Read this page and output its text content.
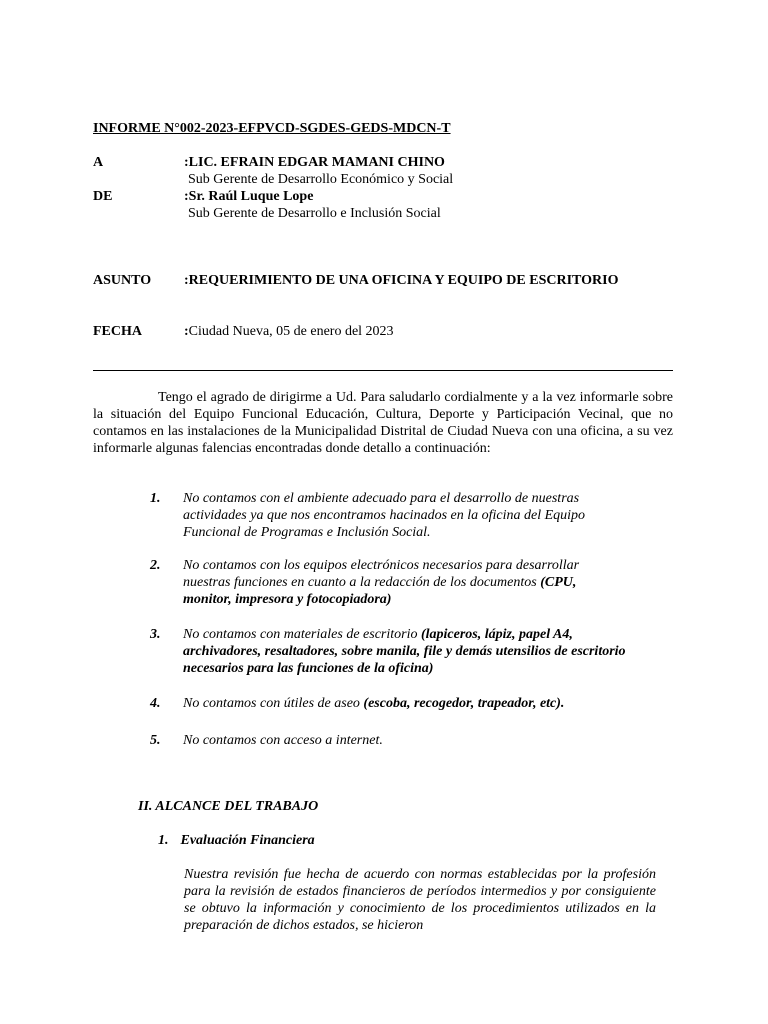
INFORME N°002-2023-EFPVCD-SGDES-GEDS-MDCN-T
A	:LIC. EFRAIN EDGAR MAMANI CHINO
Sub Gerente de Desarrollo Económico y Social
DE	:Sr. Raúl Luque Lope
Sub Gerente de Desarrollo e Inclusión Social
ASUNTO :REQUERIMIENTO DE UNA OFICINA Y EQUIPO DE ESCRITORIO
FECHA	:Ciudad Nueva, 05 de enero del 2023
Tengo el agrado de dirigirme a Ud. Para saludarlo cordialmente y a la vez informarle sobre la situación del Equipo Funcional Educación, Cultura, Deporte y Participación Vecinal, que no contamos en las instalaciones de la Municipalidad Distrital de Ciudad Nueva con una oficina, a su vez informarle algunas falencias encontradas donde detallo a continuación:
1. No contamos con el ambiente adecuado para el desarrollo de nuestras actividades ya que nos encontramos hacinados en la oficina del Equipo Funcional de Programas e Inclusión Social.
2. No contamos con los equipos electrónicos necesarios para desarrollar nuestras funciones en cuanto a la redacción de los documentos (CPU, monitor, impresora y fotocopiadora)
3. No contamos con materiales de escritorio (lapiceros, lápiz, papel A4, archivadores, resaltadores, sobre manila, file y demás utensilios de escritorio necesarios para las funciones de la oficina)
4. No contamos con útiles de aseo (escoba, recogedor, trapeador, etc).
5. No contamos con acceso a internet.
II. ALCANCE DEL TRABAJO
1. Evaluación Financiera
Nuestra revisión fue hecha de acuerdo con normas establecidas por la profesión para la revisión de estados financieros de períodos intermedios y por consiguiente se obtuvo la información y conocimiento de los procedimientos utilizados en la preparación de dichos estados, se hicieron
